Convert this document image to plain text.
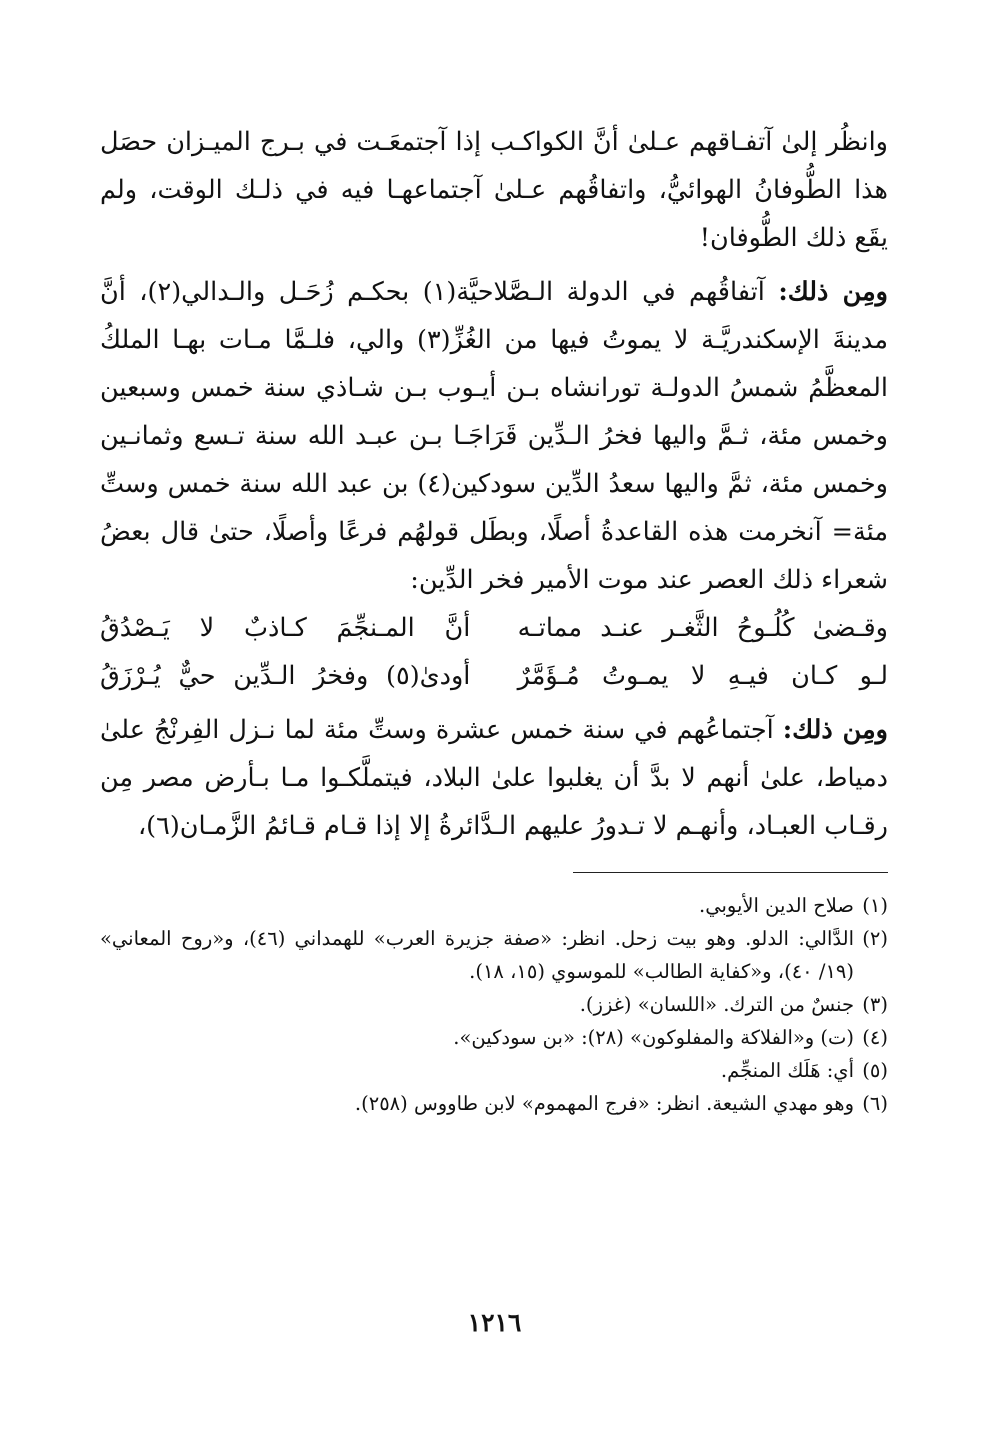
وانظُر إلىٰ آتفـاقهم عـلىٰ أنَّ الكواكـب إذا آجتمعَـت في بـرج الميـزان حصَل هذا الطُّوفانُ الهوائيُّ، واتفاقُهم عـلىٰ آجتماعهـا فيه في ذلـك الوقت، ولم يقَع ذلك الطُّوفان!

ومِن ذلك: آتفاقُهم في الدولة الـصَّلاحيَّة(١) بحكـم زُحَـل والـدالي(٢)، أنَّ مدينةَ الإسكندريَّـة لا يموتُ فيها من الغُزِّ(٣) والي، فلـمَّا مـات بهـا الملكُ المعظَّمُ شمسُ الدولـة تورانشاه بـن أيـوب بـن شـاذي سنة خمس وسبعين وخمس مئة، ثـمَّ واليها فخرُ الـدِّين قَرَاجَـا بـن عبـد الله سنة تـسع وثمانـين وخمس مئة، ثمَّ واليها سعدُ الدِّين سودكين(٤) بن عبد الله سنة خمس وستِّ مئة= آنخرمت هذه القاعدةُ أصلًا، وبطَل قولهُم فرعًا وأصلًا، حتىٰ قال بعضُ شعراء ذلك العصر عند موت الأمير فخر الدِّين:

وقـضىٰ كُلُـوحُ الثَّغـر عنـد مماتـه
أنَّ المـنجِّمَ كـاذبٌ لا يَـصْدُقُ
لـو كـان فيـهِ لا يمـوتُ مُـؤَمَّرٌ
أودىٰ(٥) وفخرُ الـدِّين حيٌّ يُـرْزَقُ

ومِن ذلك: آجتماعُهم في سنة خمس عشرة وستِّ مئة لما نـزل الفِرنْجُ علىٰ دمياط، علىٰ أنهم لا بدَّ أن يغلبوا علىٰ البلاد، فيتملَّكـوا مـا بـأرض مصر مِن رقـاب العبـاد، وأنهـم لا تـدورُ عليهم الـدَّائرةُ إلا إذا قـام قـائمُ الزَّمـان(٦)،

(١)
صلاح الدين الأيوبي.
(٢)
الدَّالي: الدلو. وهو بيت زحل. انظر: «صفة جزيرة العرب» للهمداني (٤٦)، و«روح المعاني» (١٩/ ٤٠)، و«كفاية الطالب» للموسوي (١٥، ١٨).
(٣)
جنسٌ من الترك. «اللسان» (غزز).
(٤)
(ت) و«الفلاكة والمفلوكون» (٢٨): «بن سودكين».
(٥)
أي: هَلَك المنجِّم.
(٦)
وهو مهدي الشيعة. انظر: «فرج المهموم» لابن طاووس (٢٥٨).
١٢١٦
